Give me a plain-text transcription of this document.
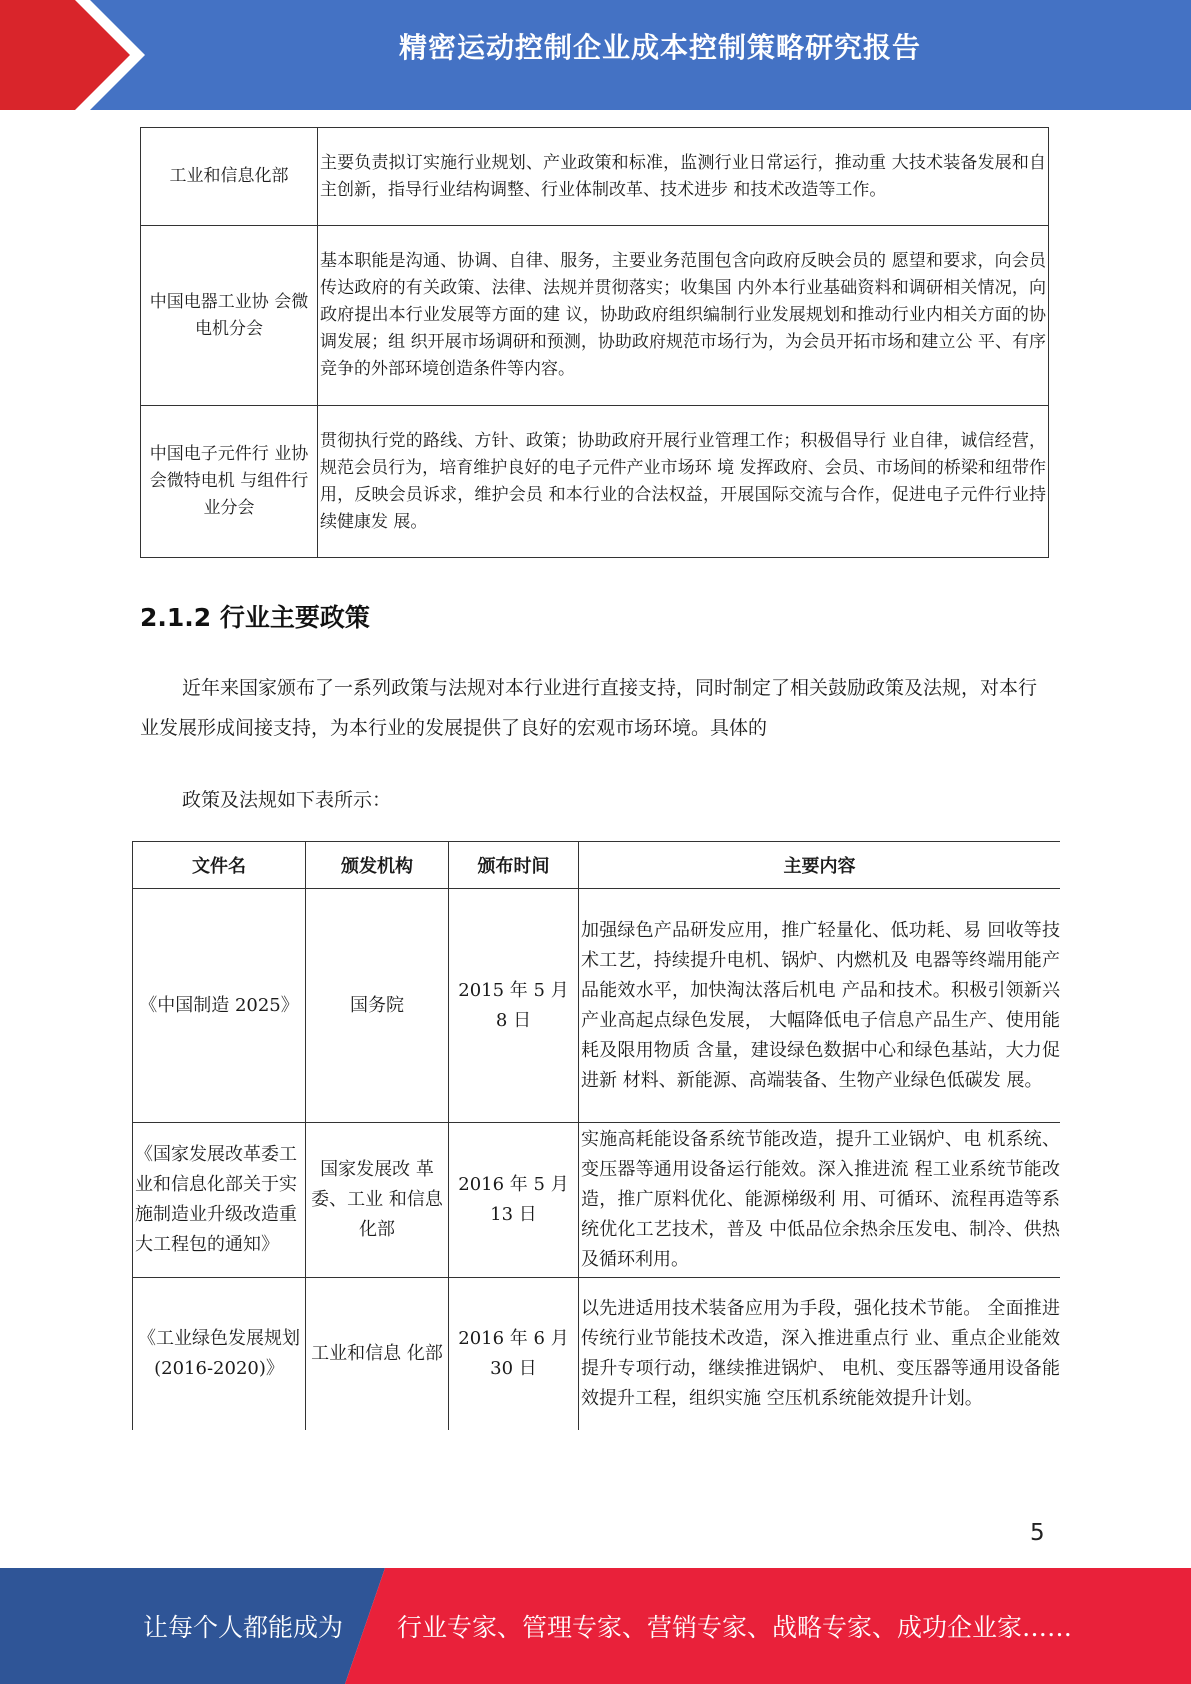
精密运动控制企业成本控制策略研究报告
工业和信息化部	主要负责拟订实施行业规划、产业政策和标准，监测行业日常运行，推动重 大技术装备发展和自主创新，指导行业结构调整、行业体制改革、技术进步 和技术改造等工作。
中国电器工业协 会微电机分会	基本职能是沟通、协调、自律、服务，主要业务范围包含向政府反映会员的 愿望和要求，向会员传达政府的有关政策、法律、法规并贯彻落实；收集国 内外本行业基础资料和调研相关情况，向政府提出本行业发展等方面的建 议，协助政府组织编制行业发展规划和推动行业内相关方面的协调发展；组 织开展市场调研和预测，协助政府规范市场行为，为会员开拓市场和建立公 平、有序竞争的外部环境创造条件等内容。
中国电子元件行 业协会微特电机 与组件行业分会	贯彻执行党的路线、方针、政策；协助政府开展行业管理工作；积极倡导行 业自律，诚信经营，规范会员行为，培育维护良好的电子元件产业市场环 境 发挥政府、会员、市场间的桥梁和纽带作用，反映会员诉求，维护会员 和本行业的合法权益，开展国际交流与合作，促进电子元件行业持续健康发 展。
2.1.2 行业主要政策
近年来国家颁布了一系列政策与法规对本行业进行直接支持，同时制定了相关鼓励政策及法规，对本行业发展形成间接支持，为本行业的发展提供了良好的宏观市场环境。具体的
政策及法规如下表所示：
文件名	颁发机构	颁布时间	主要内容
《中国制造 2025》	国务院	2015 年 5 月 8 日	加强绿色产品研发应用，推广轻量化、低功耗、易 回收等技术工艺，持续提升电机、锅炉、内燃机及 电器等终端用能产品能效水平，加快淘汰落后机电 产品和技术。积极引领新兴产业高起点绿色发展， 大幅降低电子信息产品生产、使用能耗及限用物质 含量，建设绿色数据中心和绿色基站，大力促进新 材料、新能源、高端装备、生物产业绿色低碳发 展。
《国家发展改革委工业和信息化部关于实施制造业升级改造重大工程包的通知》	国家发展改 革委、工业 和信息化部	2016 年 5 月 13 日	实施高耗能设备系统节能改造，提升工业锅炉、电 机系统、变压器等通用设备运行能效。深入推进流 程工业系统节能改造，推广原料优化、能源梯级利 用、可循环、流程再造等系统优化工艺技术，普及 中低品位余热余压发电、制冷、供热及循环利用。
《工业绿色发展规划(2016-2020)》	工业和信息 化部	2016 年 6 月 30 日	以先进适用技术装备应用为手段，强化技术节能。 全面推进传统行业节能技术改造，深入推进重点行 业、重点企业能效提升专项行动，继续推进锅炉、 电机、变压器等通用设备能效提升工程，组织实施 空压机系统能效提升计划。
5
让每个人都能成为 行业专家、管理专家、营销专家、战略专家、成功企业家……
